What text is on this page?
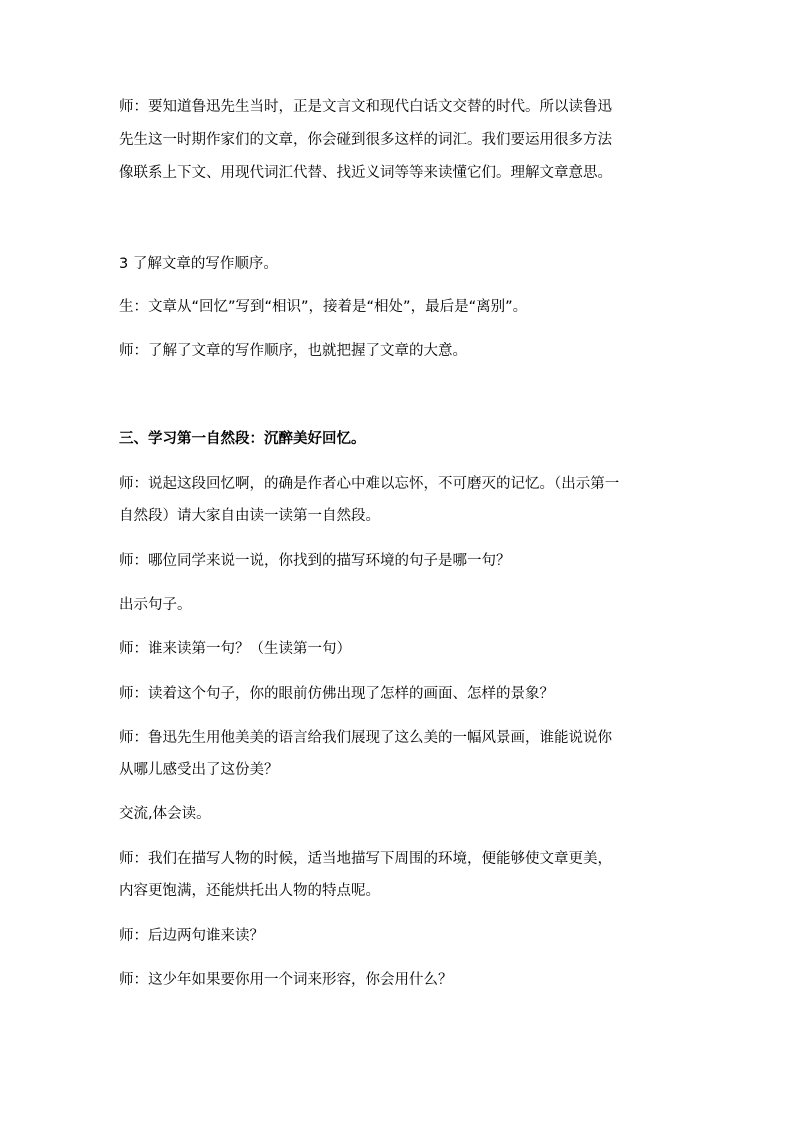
师：要知道鲁迅先生当时，正是文言文和现代白话文交替的时代。所以读鲁迅
先生这一时期作家们的文章，你会碰到很多这样的词汇。我们要运用很多方法
像联系上下文、用现代词汇代替、找近义词等等来读懂它们。理解文章意思。
3 了解文章的写作顺序。
生：文章从“回忆”写到“相识”，接着是“相处”，最后是“离别”。
师：了解了文章的写作顺序，也就把握了文章的大意。
三、学习第一自然段：沉醉美好回忆。
师：说起这段回忆啊，的确是作者心中难以忘怀，不可磨灭的记忆。（出示第一
自然段）请大家自由读一读第一自然段。
师：哪位同学来说一说，你找到的描写环境的句子是哪一句？
出示句子。
师：谁来读第一句？（生读第一句）
师：读着这个句子，你的眼前仿佛出现了怎样的画面、怎样的景象？
师：鲁迅先生用他美美的语言给我们展现了这么美的一幅风景画，谁能说说你
从哪儿感受出了这份美？
交流,体会读。
师：我们在描写人物的时候，适当地描写下周围的环境，便能够使文章更美，
内容更饱满，还能烘托出人物的特点呢。
师：后边两句谁来读？
师：这少年如果要你用一个词来形容，你会用什么？
